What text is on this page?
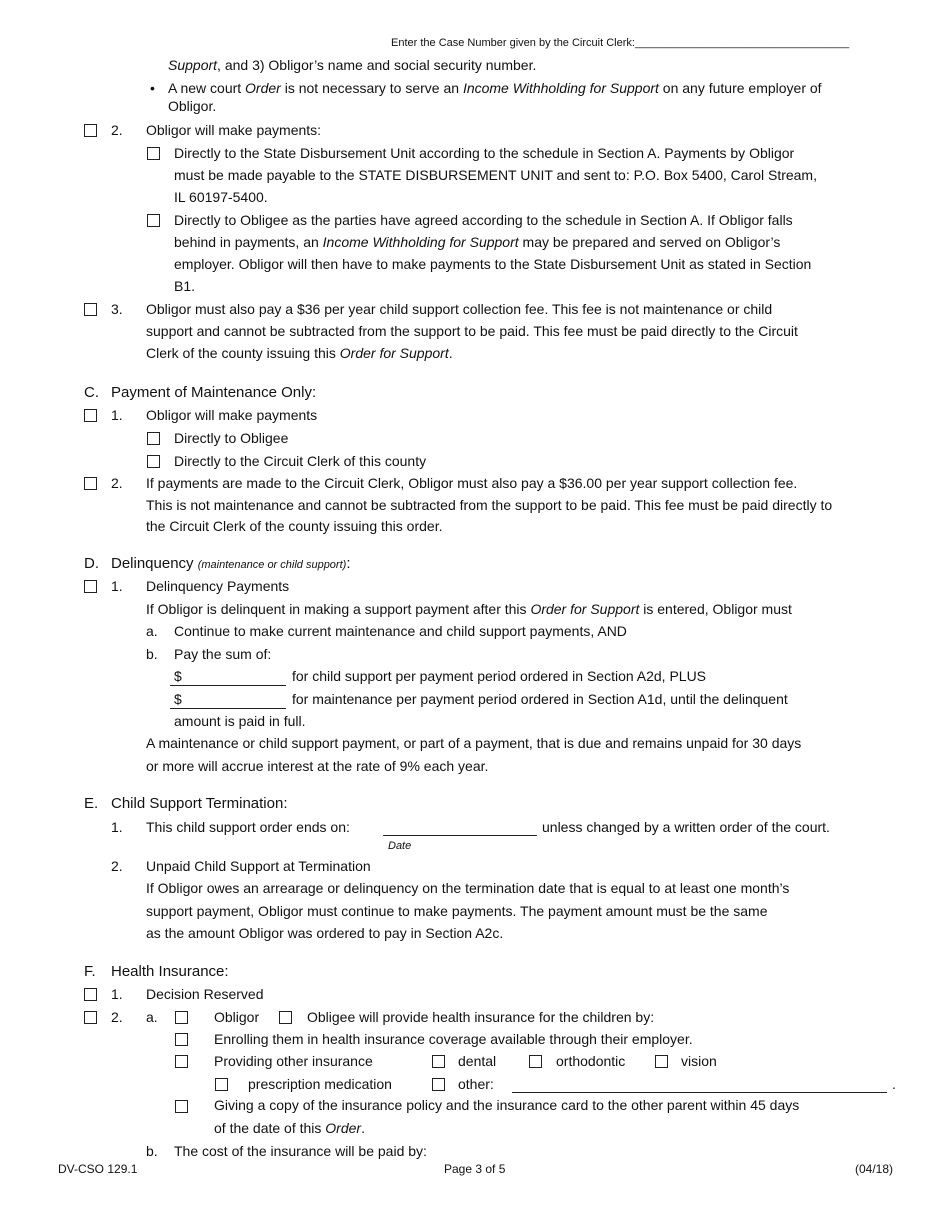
Enter the Case Number given by the Circuit Clerk:___________________________________
Support, and 3) Obligor’s name and social security number.
• A new court Order is not necessary to serve an Income Withholding for Support on any future employer of
Obligor.
2. Obligor will make payments:
Directly to the State Disbursement Unit according to the schedule in Section A. Payments by Obligor
must be made payable to the STATE DISBURSEMENT UNIT and sent to: P.O. Box 5400, Carol Stream,
IL 60197-5400.
Directly to Obligee as the parties have agreed according to the schedule in Section A. If Obligor falls
behind in payments, an Income Withholding for Support may be prepared and served on Obligor’s
employer. Obligor will then have to make payments to the State Disbursement Unit as stated in Section
B1.
3. Obligor must also pay a $36 per year child support collection fee. This fee is not maintenance or child
support and cannot be subtracted from the support to be paid. This fee must be paid directly to the Circuit
Clerk of the county issuing this Order for Support.
C. Payment of Maintenance Only:
1. Obligor will make payments
Directly to Obligee
Directly to the Circuit Clerk of this county
2. If payments are made to the Circuit Clerk, Obligor must also pay a $36.00 per year support collection fee.
This is not maintenance and cannot be subtracted from the support to be paid. This fee must be paid directly to
the Circuit Clerk of the county issuing this order.
D. Delinquency (maintenance or child support):
1. Delinquency Payments
If Obligor is delinquent in making a support payment after this Order for Support is entered, Obligor must
a. Continue to make current maintenance and child support payments, AND
b. Pay the sum of:
$	for child support per payment period ordered in Section A2d, PLUS
$	for maintenance per payment period ordered in Section A1d, until the delinquent
amount is paid in full.
A maintenance or child support payment, or part of a payment, that is due and remains unpaid for 30 days
or more will accrue interest at the rate of 9% each year.
E. Child Support Termination:
1. This child support order ends on:
Date
unless changed by a written order of the court.
2. Unpaid Child Support at Termination
If Obligor owes an arrearage or delinquency on the termination date that is equal to at least one month’s
support payment, Obligor must continue to make payments. The payment amount must be the same
as the amount Obligor was ordered to pay in Section A2c.
F. Health Insurance:
1. Decision Reserved
2. a.	Obligor	Obligee will provide health insurance for the children by:
Enrolling them in health insurance coverage available through their employer.
Providing other insurance	dental	orthodontic	vision
prescription medication	other:	.
Giving a copy of the insurance policy and the insurance card to the other parent within 45 days
of the date of this Order.
b. The cost of the insurance will be paid by:
DV-CSO 129.1	Page 3 of 5	(04/18)
